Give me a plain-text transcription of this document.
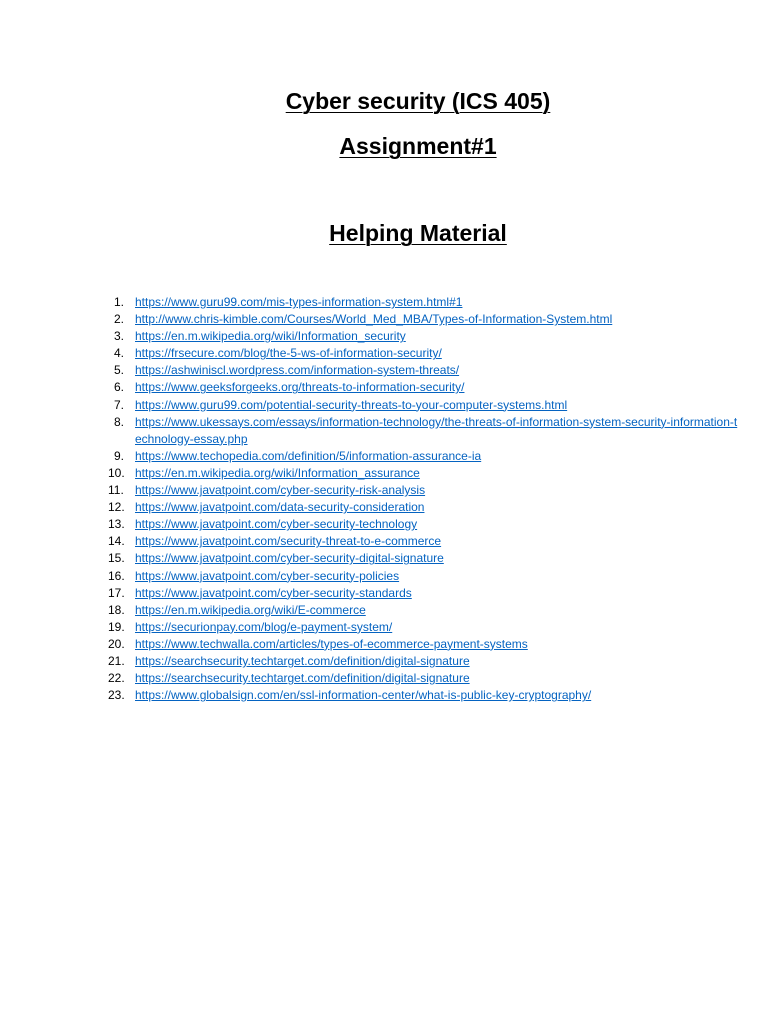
Cyber security (ICS 405)
Assignment#1
Helping Material
1. https://www.guru99.com/mis-types-information-system.html#1
2. http://www.chris-kimble.com/Courses/World_Med_MBA/Types-of-Information-System.html
3. https://en.m.wikipedia.org/wiki/Information_security
4. https://frsecure.com/blog/the-5-ws-of-information-security/
5. https://ashwiniscl.wordpress.com/information-system-threats/
6. https://www.geeksforgeeks.org/threats-to-information-security/
7. https://www.guru99.com/potential-security-threats-to-your-computer-systems.html
8. https://www.ukessays.com/essays/information-technology/the-threats-of-information-system-security-information-technology-essay.php
9. https://www.techopedia.com/definition/5/information-assurance-ia
10. https://en.m.wikipedia.org/wiki/Information_assurance
11. https://www.javatpoint.com/cyber-security-risk-analysis
12. https://www.javatpoint.com/data-security-consideration
13. https://www.javatpoint.com/cyber-security-technology
14. https://www.javatpoint.com/security-threat-to-e-commerce
15. https://www.javatpoint.com/cyber-security-digital-signature
16. https://www.javatpoint.com/cyber-security-policies
17. https://www.javatpoint.com/cyber-security-standards
18. https://en.m.wikipedia.org/wiki/E-commerce
19. https://securionpay.com/blog/e-payment-system/
20. https://www.techwalla.com/articles/types-of-ecommerce-payment-systems
21. https://searchsecurity.techtarget.com/definition/digital-signature
22. https://searchsecurity.techtarget.com/definition/digital-signature
23. https://www.globalsign.com/en/ssl-information-center/what-is-public-key-cryptography/
